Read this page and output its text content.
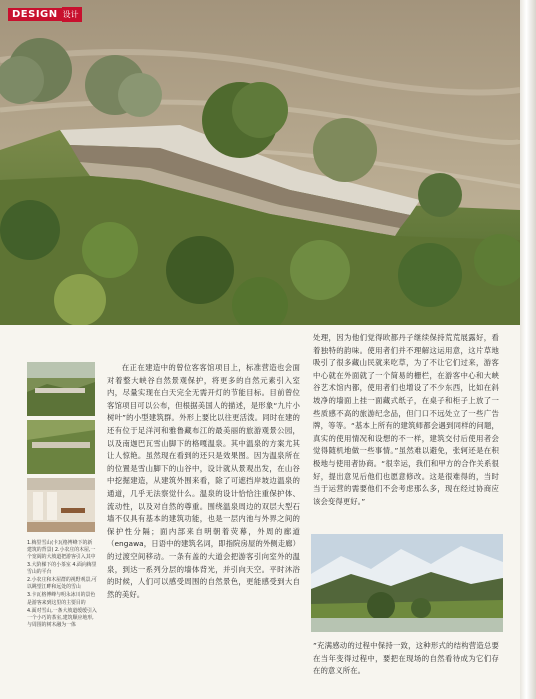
DESIGN 设计

1.梅里雪山(卡瓦格博峰下的新建筑的背景) 2.小农庄的木屋,一个宽阔的大坡道把游客引入其中 3.大阶梯下的小茶室 4.面向梅里雪山的平台

2.小农庄和木屋群的视野观景,可以眺望江畔和远处的雪山

3.卡瓦格博峰与明永冰川的景色是游客来到这里的主要目的

4.面对雪山,一条大坡道缓缓引入一个小巧的茶室,建筑顺应地形,与周围的树木融为一体

在正在建造中的曾位客客馆项目上，标准营造也会面对着整大峡谷自然景观保护，将更多的自然元素引入室内，尽量实现在白天完全无需开灯的节能目标。目前曾位客馆项目可以公布，但根据美国人的描述，是形象“九片小树叶”的小型建筑群。外形上要比以往更活泼。同时在建的还有位于足洋河和雅鲁藏布江的最美丽的旅游观景公园，以及南迦巴瓦雪山脚下的格嘎温泉。其中温泉的方案尤其让人惊艳。虽然现在看到的还只是效果图。因为温泉所在的位置是雪山脚下的山谷中，设计就从景观出发，在山谷中挖掘建造，从建筑外围来看，除了可遮挡岸坡边温泉的通道，几乎无法察觉什么。温泉的设计恰恰注重保护体、流动性，以及对自然的尊重。围绕温泉周边的双层大型石墙不仅具有基本的建筑功能，也是一层内池与外界之间的保护性分隔；面内部来自明朝着荧幕，外周的廊道（engawa，日语中的建筑名词，即指院房屋的外侧走廊）的过渡空间移动。一条有盖的大道会把游客引向室外的温泉，到达一系列分层的墙体背光，并引向天空。平时沐浴的时候，人们可以感受周围的自然景色，更能感受到大自然的美好。

处理，因为他们觉得欧都丹子继续保持荒荒展露好，看着独特的韵味。使用者们并不理解这运用意，这片草地吸引了很多藏山民就来吃草，为了不让它们过来，游客中心就在外面就了一个简易的栅栏，在游客中心和大峡谷艺术馆内都，使用者们也增设了不少东西，比如在斜坡净的墙面上挂一面藏式纸子，在桌子和柜子上放了一些质感不高的旅游纪念品，但门口不远处立了一些广告牌，等等。“基本上所有的建筑师都会遇到同样的问题，真实的使用情况和设想的不一样，建筑交付后使用者会觉得随机地做一些事情。”虽然难以避免，张轲还是在积极地与使用者协商。“很幸运，我们和甲方的合作关系很好，提出意见后他们也愿意修改。这是很难得的，当时当于运营的需要他们不会考虑那么多，现在经过协商应该会变得更好。”

”充满感动的过程中保持一致，这种形式的结构营造总要在当年变得过程中，要把在现场的自然看待成为它们存在的意义所在。
